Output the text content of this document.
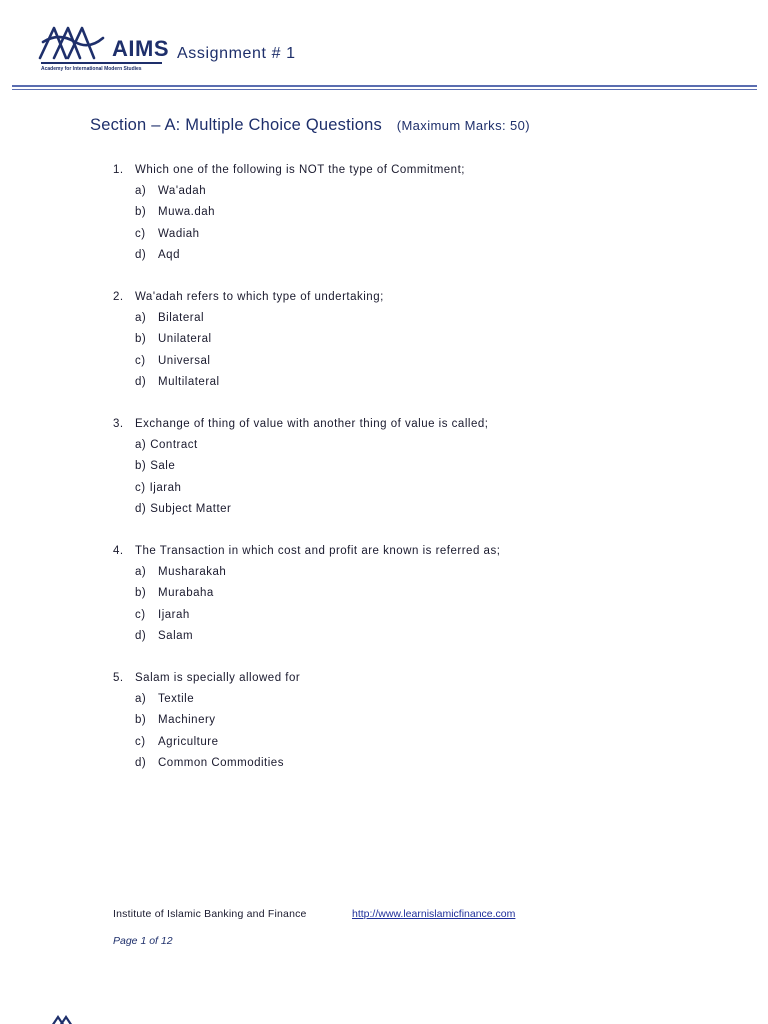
AIMS
Academy for International Modern Studies
Assignment # 1
Section – A: Multiple Choice Questions (Maximum Marks: 50)
1. Which one of the following is NOT the type of Commitment;
a) Wa'adah
b) Muwa.dah
c) Wadiah
d) Aqd
2. Wa'adah refers to which type of undertaking;
a) Bilateral
b) Unilateral
c) Universal
d) Multilateral
3. Exchange of thing of value with another thing of value is called;
a) Contract
b) Sale
c) Ijarah
d) Subject Matter
4. The Transaction in which cost and profit are known is referred as;
a) Musharakah
b) Murabaha
c) Ijarah
d) Salam
5. Salam is specially allowed for
a) Textile
b) Machinery
c) Agriculture
d) Common Commodities
Institute of Islamic Banking and Finance	http://www.learnislamicfinance.com
Page 1 of 12
